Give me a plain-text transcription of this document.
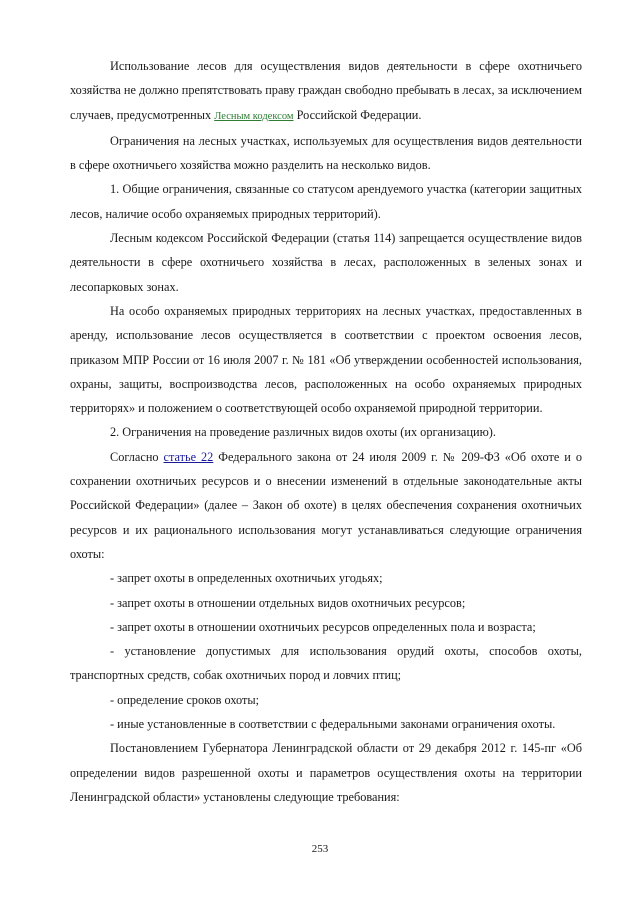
Использование лесов для осуществления видов деятельности в сфере охотничьего хозяйства не должно препятствовать праву граждан свободно пребывать в лесах, за исключением случаев, предусмотренных Лесным кодексом Российской Федерации.

Ограничения на лесных участках, используемых для осуществления видов деятельности в сфере охотничьего хозяйства можно разделить на несколько видов.

1. Общие ограничения, связанные со статусом арендуемого участка (категории защитных лесов, наличие особо охраняемых природных территорий).

Лесным кодексом Российской Федерации (статья 114) запрещается осуществление видов деятельности в сфере охотничьего хозяйства в лесах, расположенных в зеленых зонах и лесопарковых зонах.

На особо охраняемых природных территориях на лесных участках, предоставленных в аренду, использование лесов осуществляется в соответствии с проектом освоения лесов, приказом МПР России от 16 июля 2007 г. № 181 «Об утверждении особенностей использования, охраны, защиты, воспроизводства лесов, расположенных на особо охраняемых природных территорях» и положением о соответствующей особо охраняемой природной территории.

2. Ограничения на проведение различных видов охоты (их организацию).

Согласно статье 22 Федерального закона от 24 июля 2009 г. № 209-ФЗ «Об охоте и о сохранении охотничьих ресурсов и о внесении изменений в отдельные законодательные акты Российской Федерации» (далее – Закон об охоте) в целях обеспечения сохранения охотничьих ресурсов и их рационального использования могут устанавливаться следующие ограничения охоты:

- запрет охоты в определенных охотничьих угодьях;

- запрет охоты в отношении отдельных видов охотничьих ресурсов;

- запрет охоты в отношении охотничьих ресурсов определенных пола и возраста;

- установление допустимых для использования орудий охоты, способов охоты, транспортных средств, собак охотничьих пород и ловчих птиц;

- определение сроков охоты;

- иные установленные в соответствии с федеральными законами ограничения охоты.

Постановлением Губернатора Ленинградской области от 29 декабря 2012 г. 145-пг «Об определении видов разрешенной охоты и параметров осуществления охоты на территории Ленинградской области» установлены следующие требования:

253
